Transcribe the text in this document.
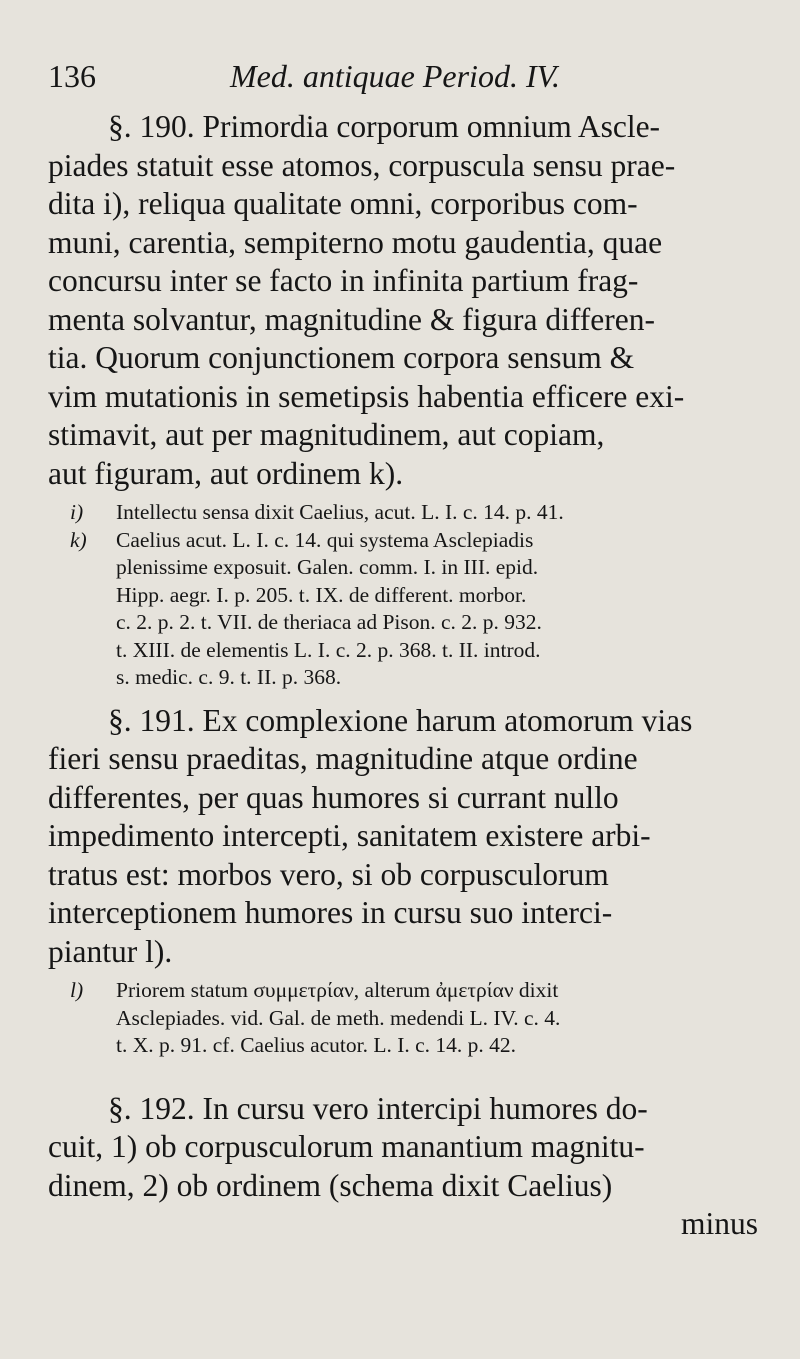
136	Med. antiquae Period. IV.

§. 190. Primordia corporum omnium Ascle-
piades statuit esse atomos, corpuscula sensu prae-
dita i), reliqua qualitate omni, corporibus com-
muni, carentia, sempiterno motu gaudentia, quae
concursu inter se facto in infinita partium frag-
menta solvantur, magnitudine & figura differen-
tia. Quorum conjunctionem corpora sensum &
vim mutationis in semetipsis habentia efficere exi-
stimavit, aut per magnitudinem, aut copiam,
aut figuram, aut ordinem k).

i)	Intellectu sensa dixit Caelius, acut. L. I. c. 14. p. 41.
k)	Caelius acut. L. I. c. 14. qui systema Asclepiadis
plenissime exposuit. Galen. comm. I. in III. epid.
Hipp. aegr. I. p. 205. t. IX. de different. morbor.
c. 2. p. 2. t. VII. de theriaca ad Pison. c. 2. p. 932.
t. XIII. de elementis L. I. c. 2. p. 368. t. II. introd.
s. medic. c. 9. t. II. p. 368.

§. 191. Ex complexione harum atomorum vias
fieri sensu praeditas, magnitudine atque ordine
differentes, per quas humores si currant nullo
impedimento intercepti, sanitatem existere arbi-
tratus est: morbos vero, si ob corpusculorum
interceptionem humores in cursu suo interci-
piantur l).

l)	Priorem statum συμμετρίαν, alterum ἀμετρίαν dixit
Asclepiades. vid. Gal. de meth. medendi L. IV. c. 4.
t. X. p. 91. cf. Caelius acutor. L. I. c. 14. p. 42.

§. 192. In cursu vero intercipi humores do-
cuit, 1) ob corpusculorum manantium magnitu-
dinem, 2) ob ordinem (schema dixit Caelius)

minus
